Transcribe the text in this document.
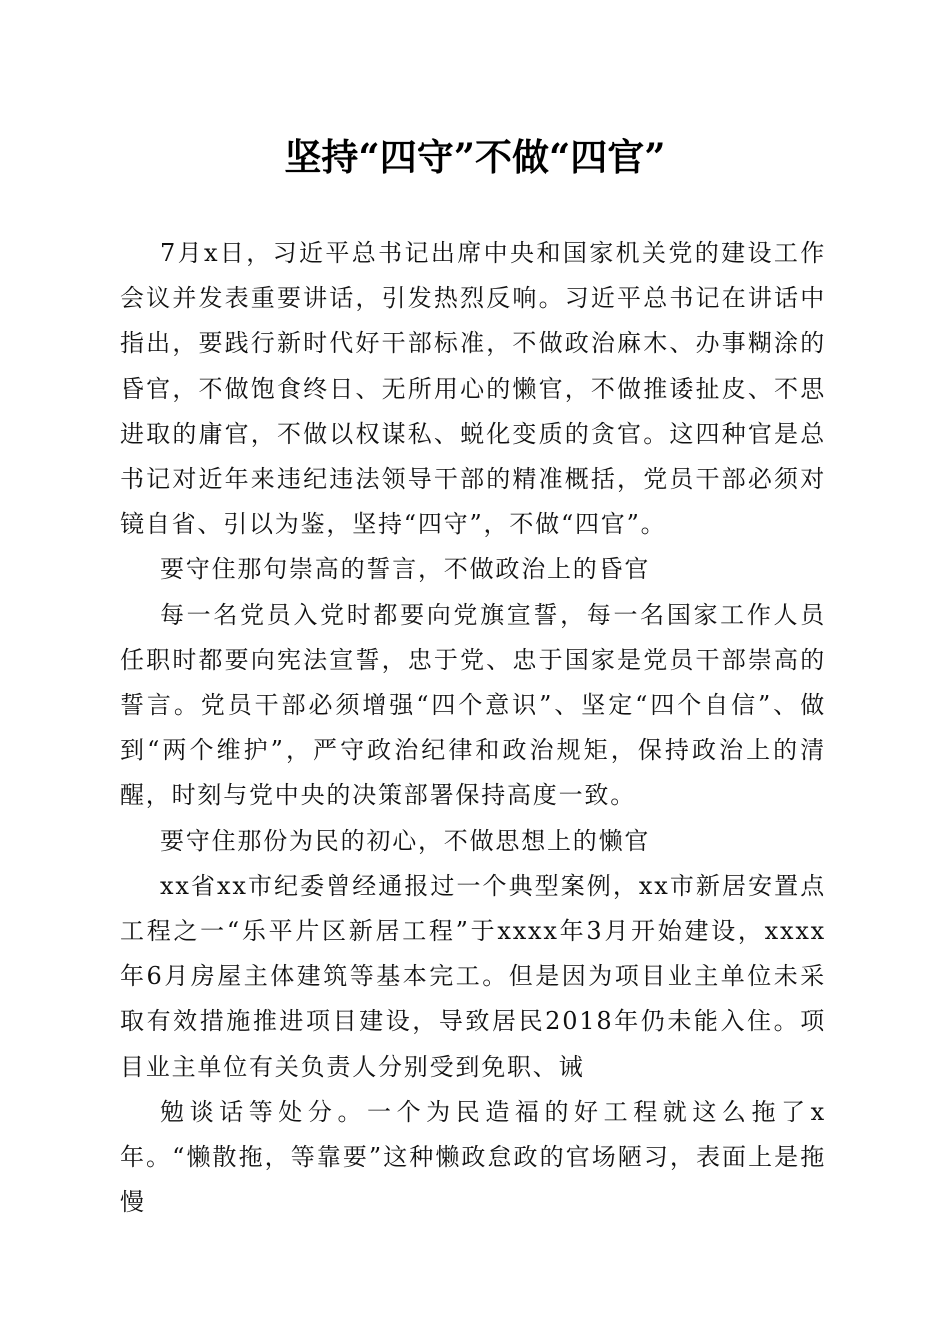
坚持“四守”不做“四官”

7月x日，习近平总书记出席中央和国家机关党的建设工作会议并发表重要讲话，引发热烈反响。习近平总书记在讲话中指出，要践行新时代好干部标准，不做政治麻木、办事糊涂的昏官，不做饱食终日、无所用心的懒官，不做推诿扯皮、不思进取的庸官，不做以权谋私、蜕化变质的贪官。这四种官是总书记对近年来违纪违法领导干部的精准概括，党员干部必须对镜自省、引以为鉴，坚持“四守”，不做“四官”。

要守住那句崇高的誓言，不做政治上的昏官

每一名党员入党时都要向党旗宣誓，每一名国家工作人员任职时都要向宪法宣誓，忠于党、忠于国家是党员干部崇高的誓言。党员干部必须增强“四个意识”、坚定“四个自信”、做到“两个维护”，严守政治纪律和政治规矩，保持政治上的清醒，时刻与党中央的决策部署保持高度一致。

要守住那份为民的初心，不做思想上的懒官

xx省xx市纪委曾经通报过一个典型案例，xx市新居安置点工程之一“乐平片区新居工程”于xxxx年3月开始建设，xxxx年6月房屋主体建筑等基本完工。但是因为项目业主单位未采取有效措施推进项目建设，导致居民2018年仍未能入住。项目业主单位有关负责人分别受到免职、诫

勉谈话等处分。一个为民造福的好工程就这么拖了x年。“懒散拖，等靠要”这种懒政怠政的官场陋习，表面上是拖慢
